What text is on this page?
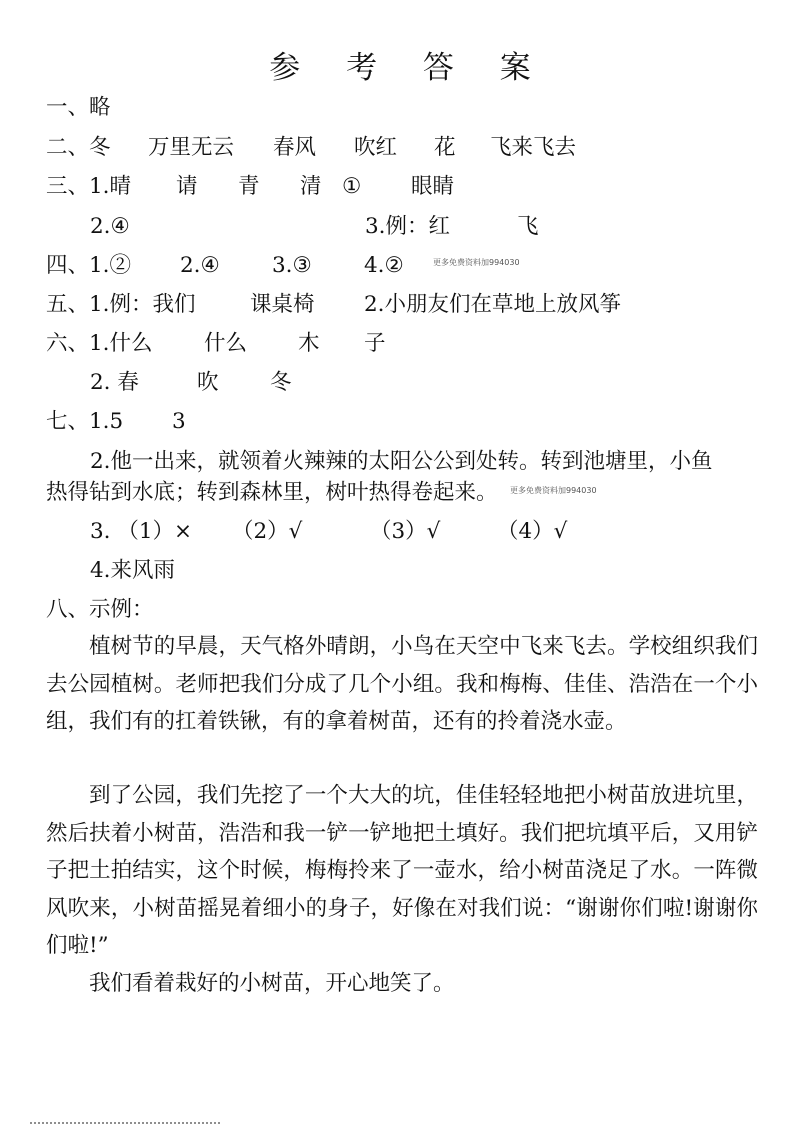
参 考 答 案
一、略
二、冬 万里无云 春风 吹红 花 飞来飞去
三、1.晴 请 青 清 ① 眼睛
2.④	3.例：红	飞
四、1.② 2.④ 3.③ 4.②	更多免费资料加994030
五、1.例：我们	课桌椅 2.小朋友们在草地上放风筝
六、1.什么 什么 木 子
2. 春	吹 冬
七、1.5 3
2.他一出来，就领着火辣辣的太阳公公到处转。转到池塘里，小鱼
热得钻到水底；转到森林里，树叶热得卷起来。 更多免费资料加994030
3. （1）× （2）√	（3）√	（4）√
4.来风雨
八、示例：
植树节的早晨，天气格外晴朗，小鸟在天空中飞来飞去。学校组织我们去公园植树。老师把我们分成了几个小组。我和梅梅、佳佳、浩浩在一个小组，我们有的扛着铁锹，有的拿着树苗，还有的拎着浇水壶。
到了公园，我们先挖了一个大大的坑，佳佳轻轻地把小树苗放进坑里，然后扶着小树苗，浩浩和我一铲一铲地把土填好。我们把坑填平后，又用铲子把土拍结实，这个时候，梅梅拎来了一壶水，给小树苗浇足了水。一阵微风吹来，小树苗摇晃着细小的身子，好像在对我们说：“谢谢你们啦!谢谢你们啦!”
我们看着栽好的小树苗，开心地笑了。
